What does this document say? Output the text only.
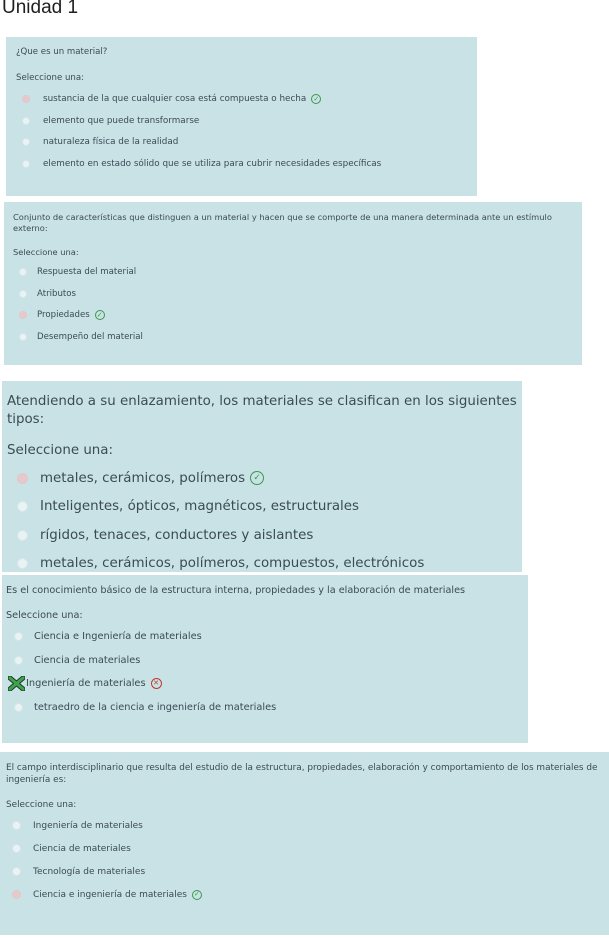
Unidad 1

¿Que es un material?

Seleccione una:

sustancia de la que cualquier cosa está compuesta o hecha ✓
elemento que puede transformarse
naturaleza física de la realidad
elemento en estado sólido que se utiliza para cubrir necesidades específicas

Conjunto de características que distinguen a un material y hacen que se comporte de una manera determinada ante un estímulo externo:

Seleccione una:

Respuesta del material
Atributos
Propiedades ✓
Desempeño del material

Atendiendo a su enlazamiento, los materiales se clasifican en los siguientes tipos:

Seleccione una:

metales, cerámicos, polímeros ✓
Inteligentes, ópticos, magnéticos, estructurales
rígidos, tenaces, conductores y aislantes
metales, cerámicos, polímeros, compuestos, electrónicos

Es el conocimiento básico de la estructura interna, propiedades y la elaboración de materiales

Seleccione una:

Ciencia e Ingeniería de materiales
Ciencia de materiales
Ingeniería de materiales	✕
tetraedro de la ciencia e ingeniería de materiales

El campo interdisciplinario que resulta del estudio de la estructura, propiedades, elaboración y comportamiento de los materiales de ingeniería es:

Seleccione una:

Ingeniería de materiales
Ciencia de materiales
Tecnología de materiales
Ciencia e ingeniería de materiales ✓
